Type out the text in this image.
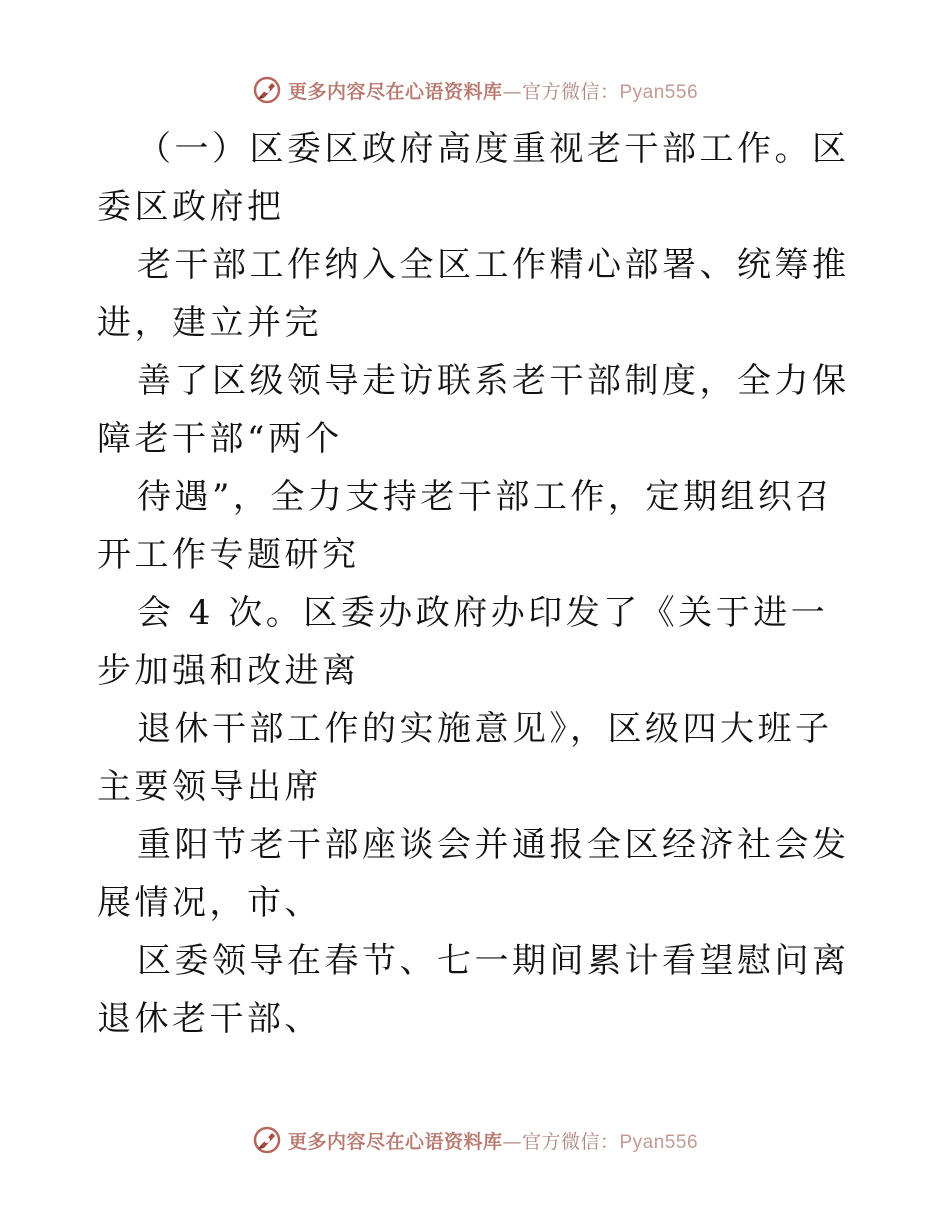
更多内容尽在心语资料库—官方微信：Pyan556

（一）区委区政府高度重视老干部工作。区委区政府把

老干部工作纳入全区工作精心部署、统筹推进，建立并完

善了区级领导走访联系老干部制度，全力保障老干部“两个

待遇”，全力支持老干部工作，定期组织召开工作专题研究

会 4 次。区委办政府办印发了《关于进一步加强和改进离

退休干部工作的实施意见》，区级四大班子主要领导出席

重阳节老干部座谈会并通报全区经济社会发展情况，市、

区委领导在春节、七一期间累计看望慰问离退休老干部、

更多内容尽在心语资料库—官方微信：Pyan556
